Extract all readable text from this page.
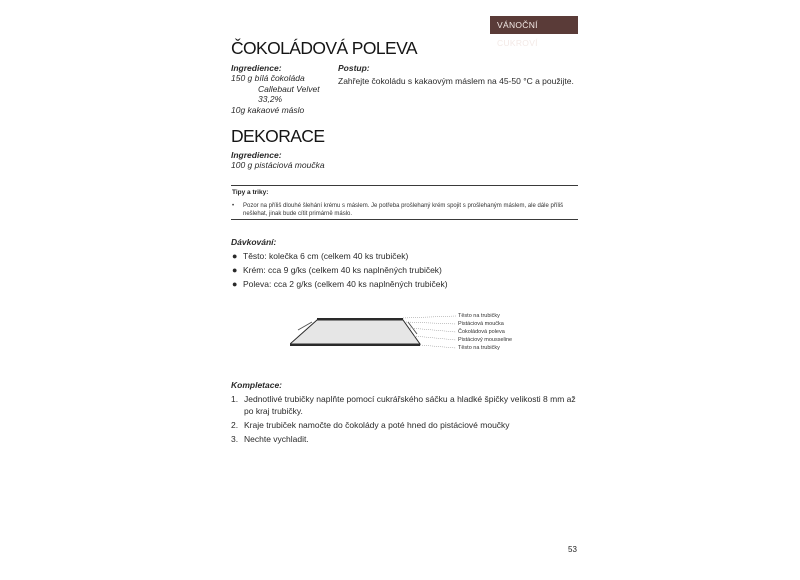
VÁNOČNÍ CUKROVÍ
ČOKOLÁDOVÁ POLEVA
Ingredience:
150 g bílá čokoláda
Callebaut Velvet
33,2%
10g kakaové máslo
Postup:
Zahřejte čokoládu s kakaovým máslem na 45-50 °C a použijte.
DEKORACE
Ingredience:
100 g pistáciová moučka
Tipy a triky:
•	Pozor na příliš dlouhé šlehání krému s máslem. Je potřeba prošlehaný krém spojit s prošlehaným máslem, ale dále příliš nešlehat, jinak bude cítit primárně máslo.
Dávkování:
● Těsto: kolečka 6 cm (celkem 40 ks trubiček)
● Krém: cca 9 g/ks (celkem 40 ks naplněných trubiček)
● Poleva: cca 2 g/ks (celkem 40 ks naplněných trubiček)
Těsto na trubičky
Pistáciová moučka
Čokoládová poleva
Pistáciový mousseline
Těsto na trubičky
Kompletace:
1. Jednotlivé trubičky naplňte pomocí cukrářského sáčku a hladké špičky velikosti 8 mm až po kraj trubičky.
2. Kraje trubiček namočte do čokolády a poté hned do pistáciové moučky
3. Nechte vychladit.
53
